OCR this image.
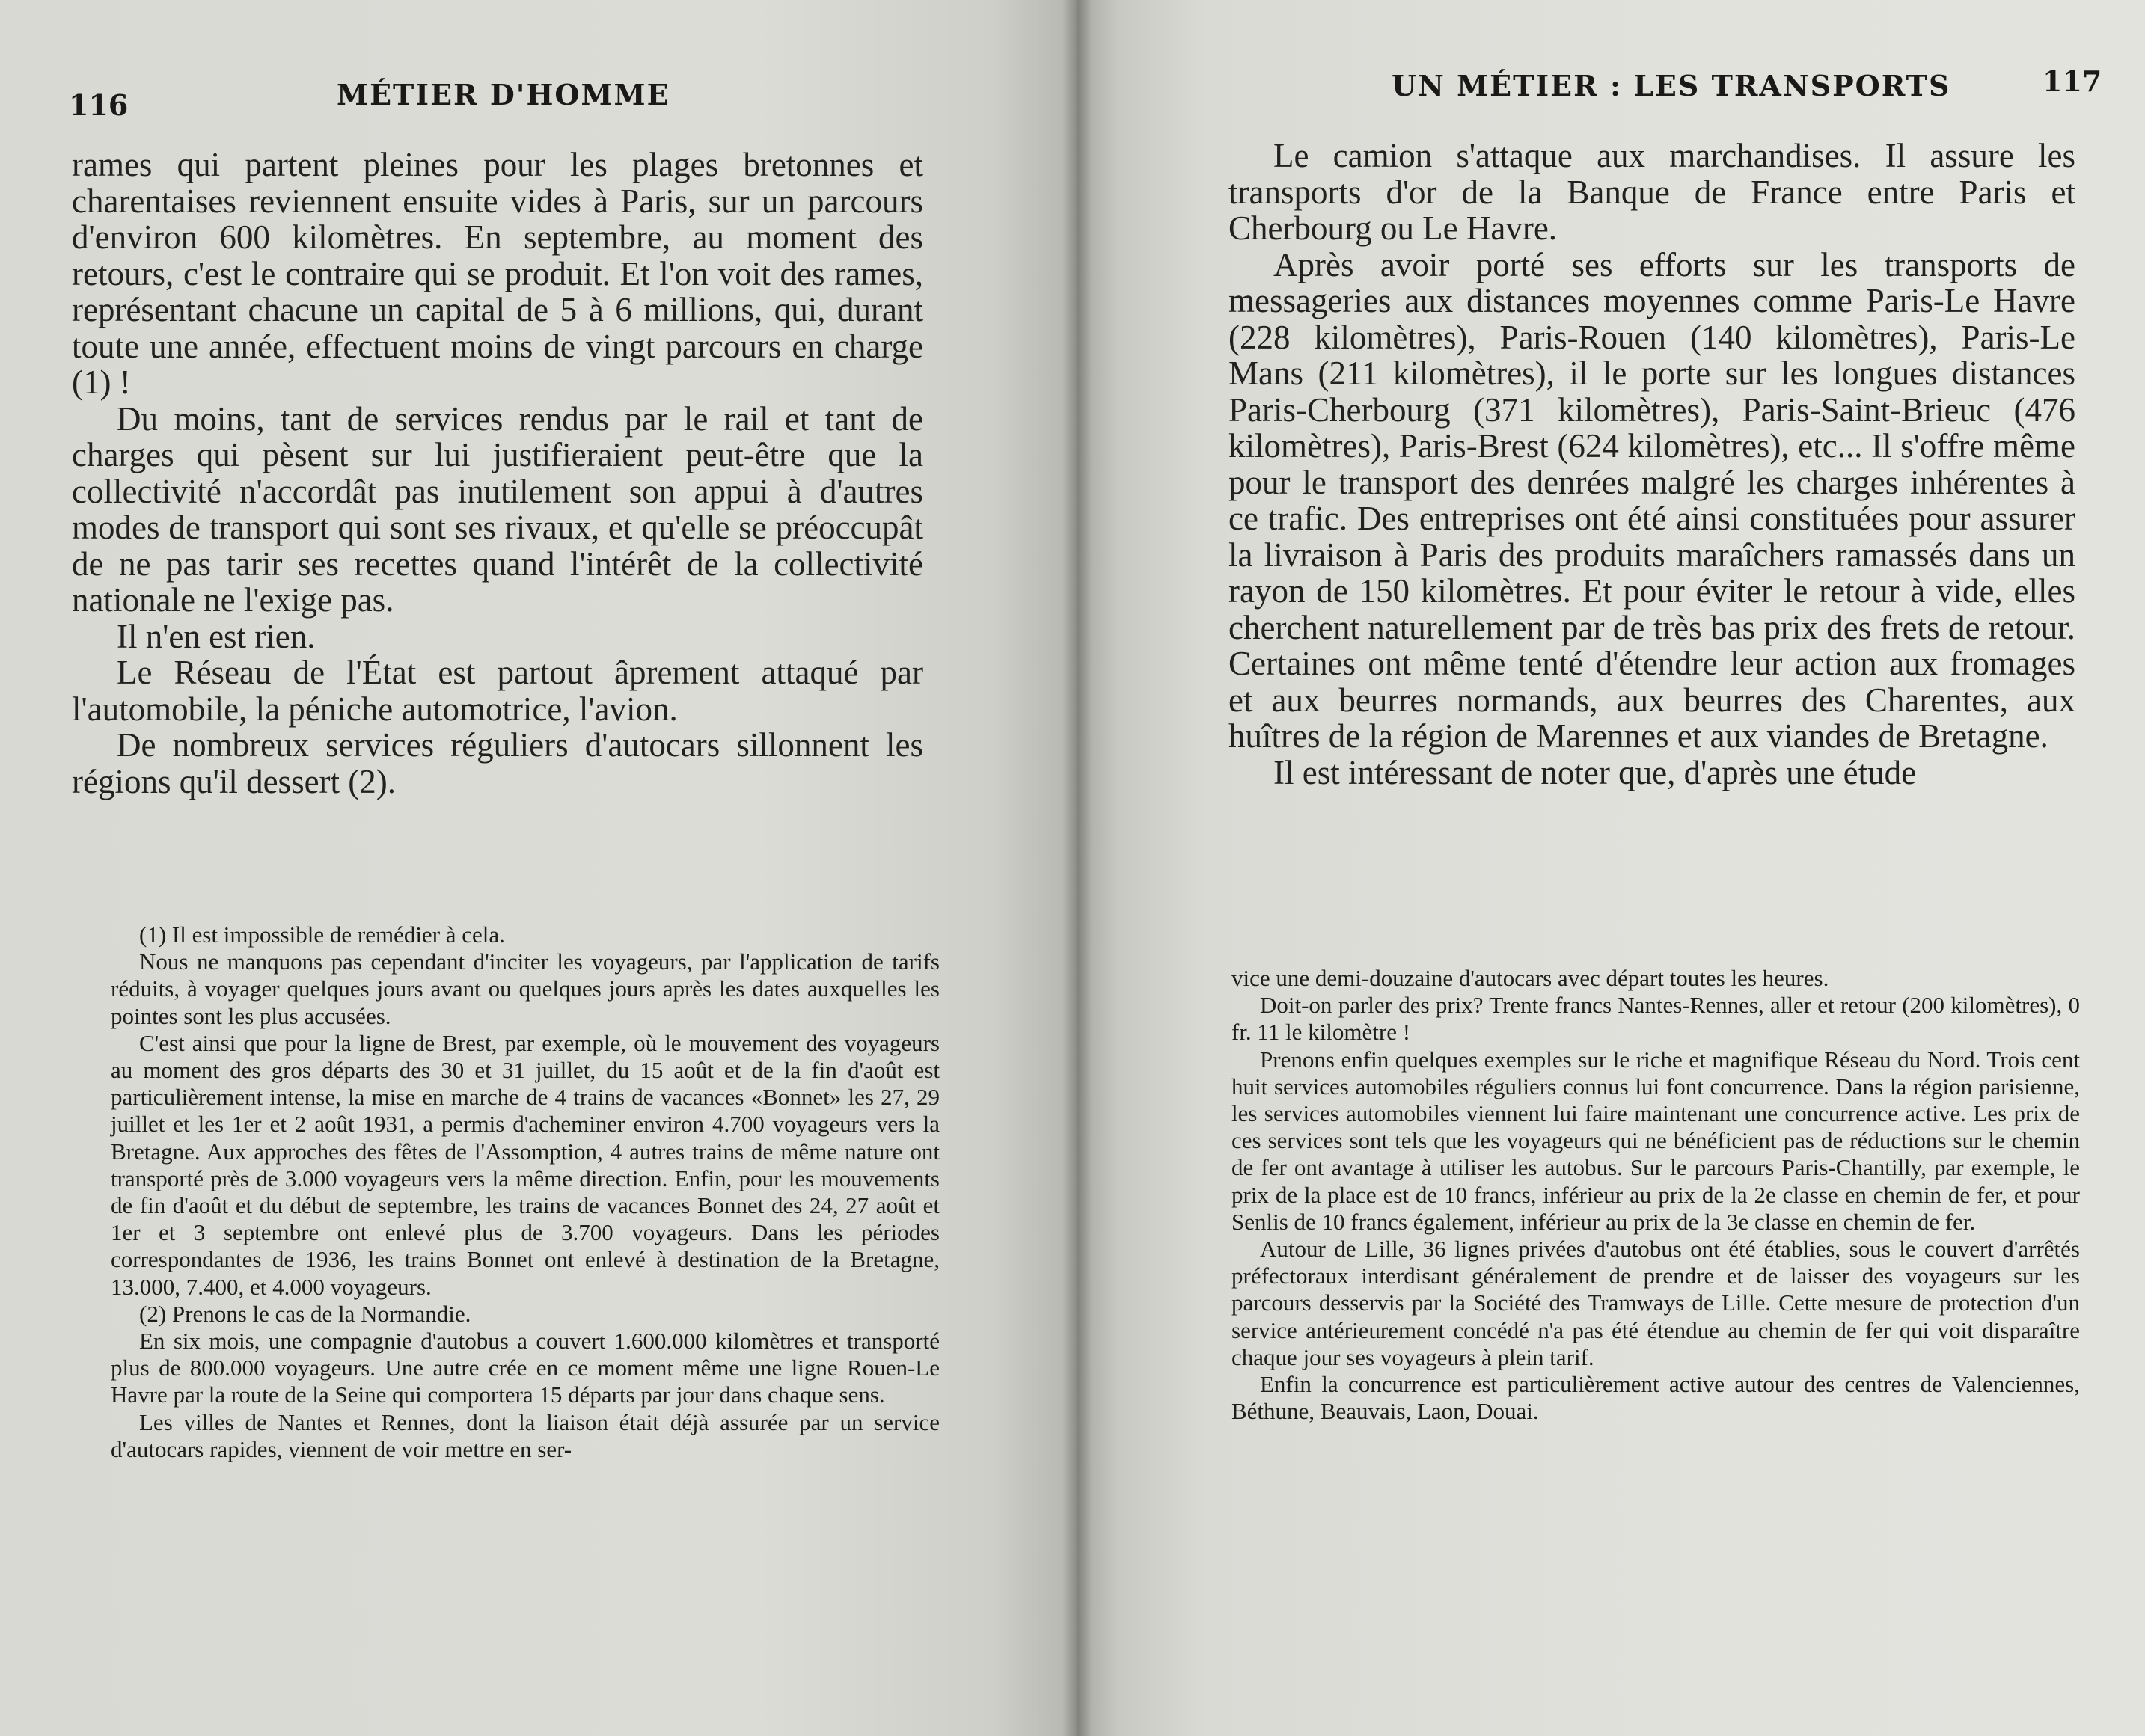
116	MÉTIER D'HOMME

rames qui partent pleines pour les plages bretonnes et charentaises reviennent ensuite vides à Paris, sur un parcours d'environ 600 kilomètres. En septembre, au moment des retours, c'est le contraire qui se produit. Et l'on voit des rames, représentant chacune un capital de 5 à 6 millions, qui, durant toute une année, effectuent moins de vingt parcours en charge (1) !

Du moins, tant de services rendus par le rail et tant de charges qui pèsent sur lui justifieraient peut-être que la collectivité n'accordât pas inutilement son appui à d'autres modes de transport qui sont ses rivaux, et qu'elle se préoccupât de ne pas tarir ses recettes quand l'intérêt de la collectivité nationale ne l'exige pas.

Il n'en est rien.

Le Réseau de l'État est partout âprement attaqué par l'automobile, la péniche automotrice, l'avion.

De nombreux services réguliers d'autocars sillonnent les régions qu'il dessert (2).

(1) Il est impossible de remédier à cela.

Nous ne manquons pas cependant d'inciter les voyageurs, par l'application de tarifs réduits, à voyager quelques jours avant ou quelques jours après les dates auxquelles les pointes sont les plus accusées.

C'est ainsi que pour la ligne de Brest, par exemple, où le mouvement des voyageurs au moment des gros départs des 30 et 31 juillet, du 15 août et de la fin d'août est particulièrement intense, la mise en marche de 4 trains de vacances «Bonnet» les 27, 29 juillet et les 1er et 2 août 1931, a permis d'acheminer environ 4.700 voyageurs vers la Bretagne. Aux approches des fêtes de l'Assomption, 4 autres trains de même nature ont transporté près de 3.000 voyageurs vers la même direction. Enfin, pour les mouvements de fin d'août et du début de septembre, les trains de vacances Bonnet des 24, 27 août et 1er et 3 septembre ont enlevé plus de 3.700 voyageurs. Dans les périodes correspondantes de 1936, les trains Bonnet ont enlevé à destination de la Bretagne, 13.000, 7.400, et 4.000 voyageurs.

(2) Prenons le cas de la Normandie.

En six mois, une compagnie d'autobus a couvert 1.600.000 kilomètres et transporté plus de 800.000 voyageurs. Une autre crée en ce moment même une ligne Rouen-Le Havre par la route de la Seine qui comportera 15 départs par jour dans chaque sens.

Les villes de Nantes et Rennes, dont la liaison était déjà assurée par un service d'autocars rapides, viennent de voir mettre en ser-

UN MÉTIER : LES TRANSPORTS	117

Le camion s'attaque aux marchandises. Il assure les transports d'or de la Banque de France entre Paris et Cherbourg ou Le Havre.

Après avoir porté ses efforts sur les transports de messageries aux distances moyennes comme Paris-Le Havre (228 kilomètres), Paris-Rouen (140 kilomètres), Paris-Le Mans (211 kilomètres), il le porte sur les longues distances Paris-Cherbourg (371 kilomètres), Paris-Saint-Brieuc (476 kilomètres), Paris-Brest (624 kilomètres), etc... Il s'offre même pour le transport des denrées malgré les charges inhérentes à ce trafic. Des entreprises ont été ainsi constituées pour assurer la livraison à Paris des produits maraîchers ramassés dans un rayon de 150 kilomètres. Et pour éviter le retour à vide, elles cherchent naturellement par de très bas prix des frets de retour. Certaines ont même tenté d'étendre leur action aux fromages et aux beurres normands, aux beurres des Charentes, aux huîtres de la région de Marennes et aux viandes de Bretagne.

Il est intéressant de noter que, d'après une étude

vice une demi-douzaine d'autocars avec départ toutes les heures.

Doit-on parler des prix? Trente francs Nantes-Rennes, aller et retour (200 kilomètres), 0 fr. 11 le kilomètre !

Prenons enfin quelques exemples sur le riche et magnifique Réseau du Nord. Trois cent huit services automobiles réguliers connus lui font concurrence. Dans la région parisienne, les services automobiles viennent lui faire maintenant une concurrence active. Les prix de ces services sont tels que les voyageurs qui ne bénéficient pas de réductions sur le chemin de fer ont avantage à utiliser les autobus. Sur le parcours Paris-Chantilly, par exemple, le prix de la place est de 10 francs, inférieur au prix de la 2e classe en chemin de fer, et pour Senlis de 10 francs également, inférieur au prix de la 3e classe en chemin de fer.

Autour de Lille, 36 lignes privées d'autobus ont été établies, sous le couvert d'arrêtés préfectoraux interdisant généralement de prendre et de laisser des voyageurs sur les parcours desservis par la Société des Tramways de Lille. Cette mesure de protection d'un service antérieurement concédé n'a pas été étendue au chemin de fer qui voit disparaître chaque jour ses voyageurs à plein tarif.

Enfin la concurrence est particulièrement active autour des centres de Valenciennes, Béthune, Beauvais, Laon, Douai.
